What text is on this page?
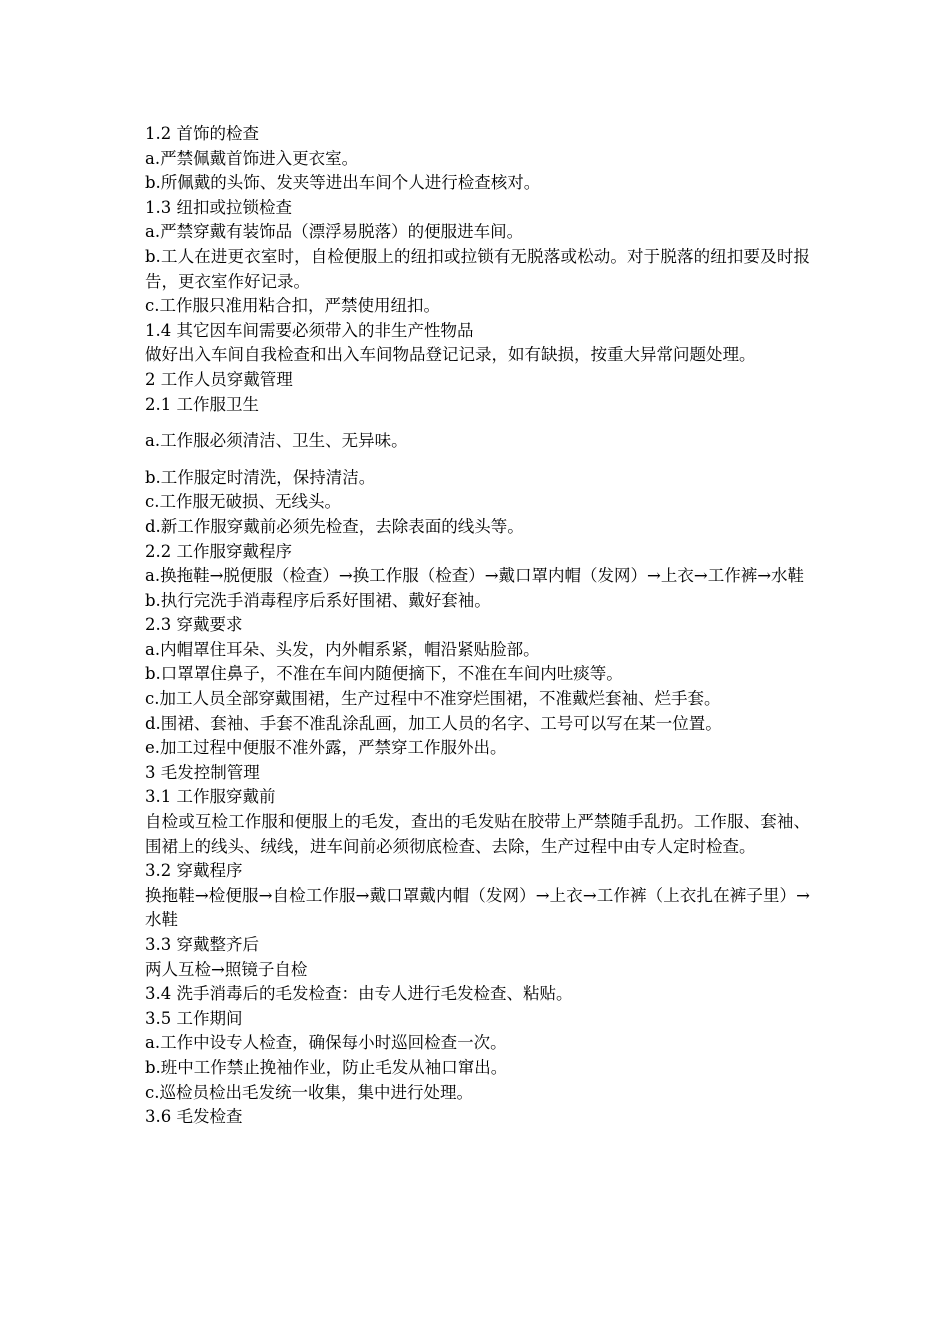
1.2 首饰的检查
a.严禁佩戴首饰进入更衣室。
b.所佩戴的头饰、发夹等进出车间个人进行检查核对。
1.3 纽扣或拉锁检查
a.严禁穿戴有装饰品（漂浮易脱落）的便服进车间。
b.工人在进更衣室时，自检便服上的纽扣或拉锁有无脱落或松动。对于脱落的纽扣要及时报告，更衣室作好记录。
c.工作服只准用粘合扣，严禁使用纽扣。
1.4 其它因车间需要必须带入的非生产性物品
做好出入车间自我检查和出入车间物品登记记录，如有缺损，按重大异常问题处理。
2 工作人员穿戴管理
2.1 工作服卫生
a.工作服必须清洁、卫生、无异味。
b.工作服定时清洗，保持清洁。
c.工作服无破损、无线头。
d.新工作服穿戴前必须先检查，去除表面的线头等。
2.2 工作服穿戴程序
a.换拖鞋→脱便服（检查）→换工作服（检查）→戴口罩内帽（发网）→上衣→工作裤→水鞋
b.执行完洗手消毒程序后系好围裙、戴好套袖。
2.3 穿戴要求
a.内帽罩住耳朵、头发，内外帽系紧，帽沿紧贴脸部。
b.口罩罩住鼻子，不准在车间内随便摘下，不准在车间内吐痰等。
c.加工人员全部穿戴围裙，生产过程中不准穿烂围裙，不准戴烂套袖、烂手套。
d.围裙、套袖、手套不准乱涂乱画，加工人员的名字、工号可以写在某一位置。
e.加工过程中便服不准外露，严禁穿工作服外出。
3 毛发控制管理
3.1 工作服穿戴前
自检或互检工作服和便服上的毛发，查出的毛发贴在胶带上严禁随手乱扔。工作服、套袖、围裙上的线头、绒线，进车间前必须彻底检查、去除，生产过程中由专人定时检查。
3.2 穿戴程序
换拖鞋→检便服→自检工作服→戴口罩戴内帽（发网）→上衣→工作裤（上衣扎在裤子里）→水鞋
3.3 穿戴整齐后
两人互检→照镜子自检
3.4 洗手消毒后的毛发检查：由专人进行毛发检查、粘贴。
3.5 工作期间
a.工作中设专人检查，确保每小时巡回检查一次。
b.班中工作禁止挽袖作业，防止毛发从袖口窜出。
c.巡检员检出毛发统一收集，集中进行处理。
3.6 毛发检查
